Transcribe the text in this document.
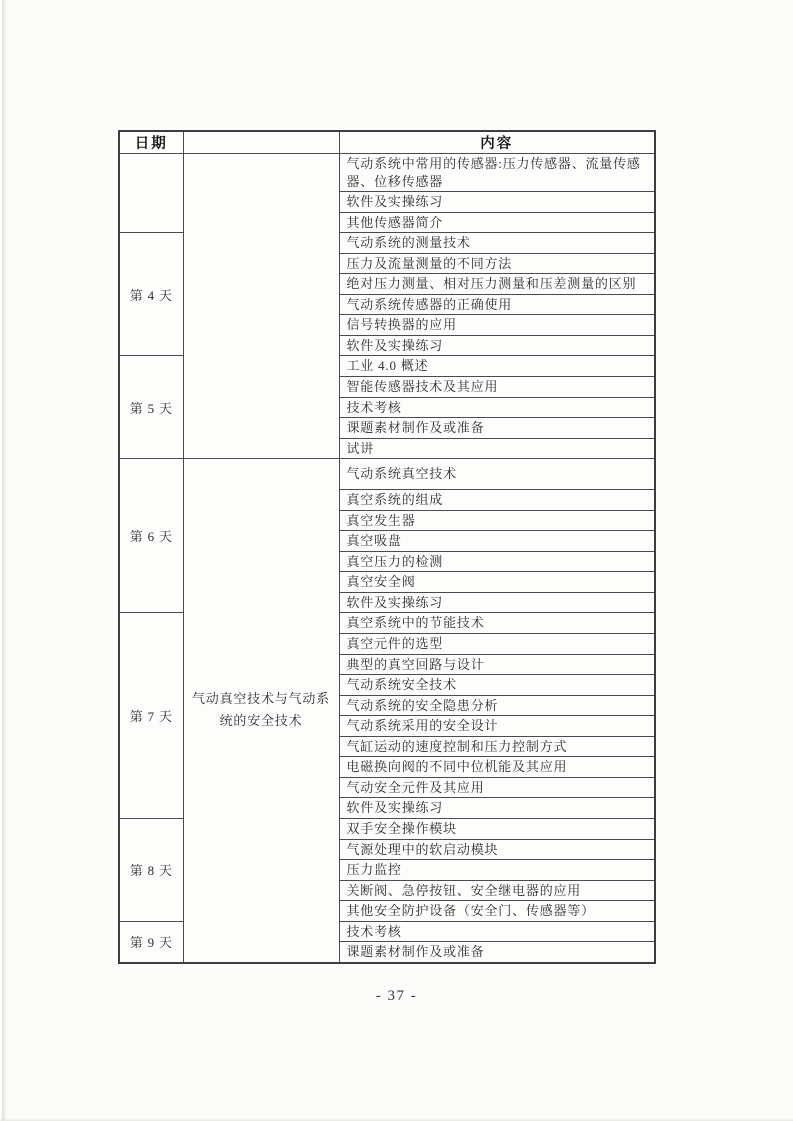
日期		内容
		气动系统中常用的传感器:压力传感器、流量传感器、位移传感器
		软件及实操练习
		其他传感器简介
第 4 天		气动系统的测量技术
		压力及流量测量的不同方法
		绝对压力测量、相对压力测量和压差测量的区别
		气动系统传感器的正确使用
		信号转换器的应用
		软件及实操练习
第 5 天		工业 4.0 概述
		智能传感器技术及其应用
		技术考核
		课题素材制作及或准备
		试讲
第 6 天	气动真空技术与气动系统的安全技术	气动系统真空技术
		真空系统的组成
		真空发生器
		真空吸盘
		真空压力的检测
		真空安全阀
		软件及实操练习
第 7 天		真空系统中的节能技术
		真空元件的选型
		典型的真空回路与设计
		气动系统安全技术
		气动系统的安全隐患分析
		气动系统采用的安全设计
		气缸运动的速度控制和压力控制方式
		电磁换向阀的不同中位机能及其应用
		气动安全元件及其应用
		软件及实操练习
第 8 天		双手安全操作模块
		气源处理中的软启动模块
		压力监控
		关断阀、急停按钮、安全继电器的应用
		其他安全防护设备（安全门、传感器等）
第 9 天		技术考核
		课题素材制作及或准备
- 37 -
